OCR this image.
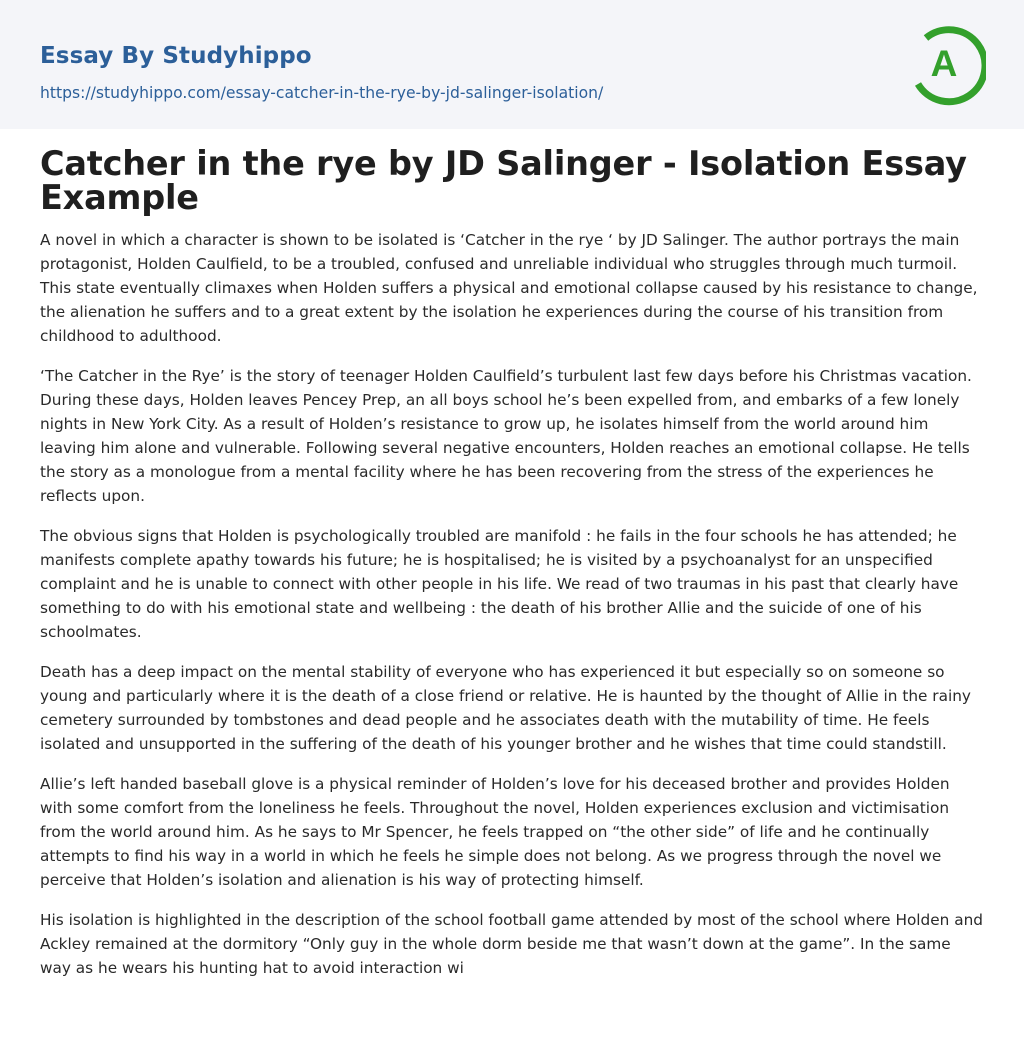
Essay By Studyhippo
https://studyhippo.com/essay-catcher-in-the-rye-by-jd-salinger-isolation/
A
Catcher in the rye by JD Salinger - Isolation Essay Example

A novel in which a character is shown to be isolated is ‘Catcher in the rye ‘ by JD Salinger. The author portrays the main protagonist, Holden Caulfield, to be a troubled, confused and unreliable individual who struggles through much turmoil. This state eventually climaxes when Holden suffers a physical and emotional collapse caused by his resistance to change, the alienation he suffers and to a great extent by the isolation he experiences during the course of his transition from childhood to adulthood.

‘The Catcher in the Rye’ is the story of teenager Holden Caulfield’s turbulent last few days before his Christmas vacation. During these days, Holden leaves Pencey Prep, an all boys school he’s been expelled from, and embarks of a few lonely nights in New York City. As a result of Holden’s resistance to grow up, he isolates himself from the world around him leaving him alone and vulnerable. Following several negative encounters, Holden reaches an emotional collapse. He tells the story as a monologue from a mental facility where he has been recovering from the stress of the experiences he reflects upon.

The obvious signs that Holden is psychologically troubled are manifold : he fails in the four schools he has attended; he manifests complete apathy towards his future; he is hospitalised; he is visited by a psychoanalyst for an unspecified complaint and he is unable to connect with other people in his life. We read of two traumas in his past that clearly have something to do with his emotional state and wellbeing : the death of his brother Allie and the suicide of one of his schoolmates.

Death has a deep impact on the mental stability of everyone who has experienced it but especially so on someone so young and particularly where it is the death of a close friend or relative. He is haunted by the thought of Allie in the rainy cemetery surrounded by tombstones and dead people and he associates death with the mutability of time. He feels isolated and unsupported in the suffering of the death of his younger brother and he wishes that time could standstill.

Allie’s left handed baseball glove is a physical reminder of Holden’s love for his deceased brother and provides Holden with some comfort from the loneliness he feels. Throughout the novel, Holden experiences exclusion and victimisation from the world around him. As he says to Mr Spencer, he feels trapped on “the other side” of life and he continually attempts to find his way in a world in which he feels he simple does not belong. As we progress through the novel we perceive that Holden’s isolation and alienation is his way of protecting himself.

His isolation is highlighted in the description of the school football game attended by most of the school where Holden and Ackley remained at the dormitory “Only guy in the whole dorm beside me that wasn’t down at the game”. In the same way as he wears his hunting hat to avoid interaction wi
